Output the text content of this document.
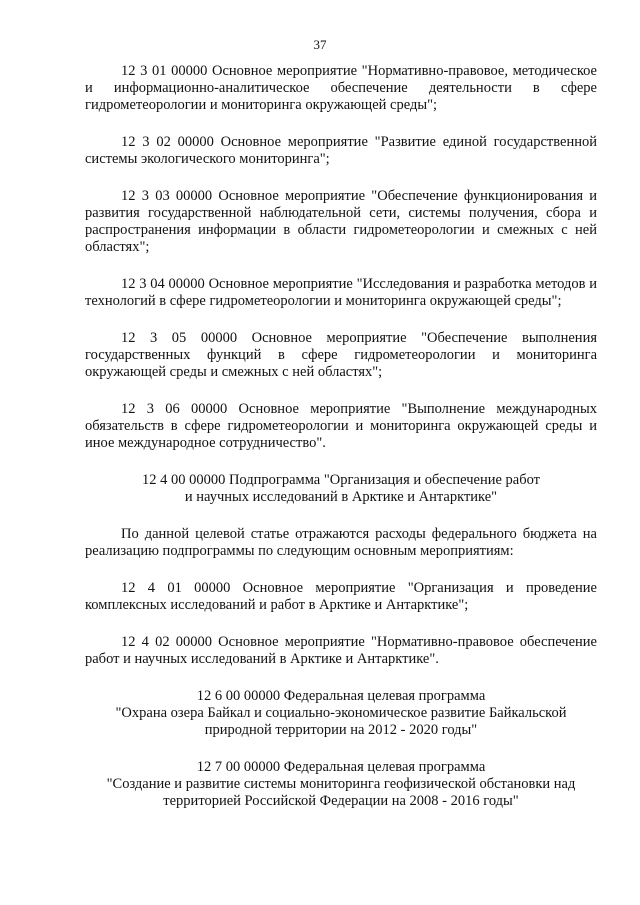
37

12 3 01 00000 Основное мероприятие "Нормативно-правовое, методическое и информационно-аналитическое обеспечение деятельности в сфере гидрометеорологии и мониторинга окружающей среды";

12 3 02 00000 Основное мероприятие "Развитие единой государственной системы экологического мониторинга";

12 3 03 00000 Основное мероприятие "Обеспечение функционирования и развития государственной наблюдательной сети, системы получения, сбора и распространения информации в области гидрометеорологии и смежных с ней областях";

12 3 04 00000 Основное мероприятие "Исследования и разработка методов и технологий в сфере гидрометеорологии и мониторинга окружающей среды";

12 3 05 00000 Основное мероприятие "Обеспечение выполнения государственных функций в сфере гидрометеорологии и мониторинга окружающей среды и смежных с ней областях";

12 3 06 00000 Основное мероприятие "Выполнение международных обязательств в сфере гидрометеорологии и мониторинга окружающей среды и иное международное сотрудничество".

12 4 00 00000 Подпрограмма "Организация и обеспечение работ
и научных исследований в Арктике и Антарктике"

По данной целевой статье отражаются расходы федерального бюджета на реализацию подпрограммы по следующим основным мероприятиям:

12 4 01 00000 Основное мероприятие "Организация и проведение комплексных исследований и работ в Арктике и Антарктике";

12 4 02 00000 Основное мероприятие "Нормативно-правовое обеспечение работ и научных исследований в Арктике и Антарктике".

12 6 00 00000 Федеральная целевая программа
"Охрана озера Байкал и социально-экономическое развитие Байкальской
природной территории на 2012 - 2020 годы"
12 7 00 00000 Федеральная целевая программа
"Создание и развитие системы мониторинга геофизической обстановки над
территорией Российской Федерации на 2008 - 2016 годы"
